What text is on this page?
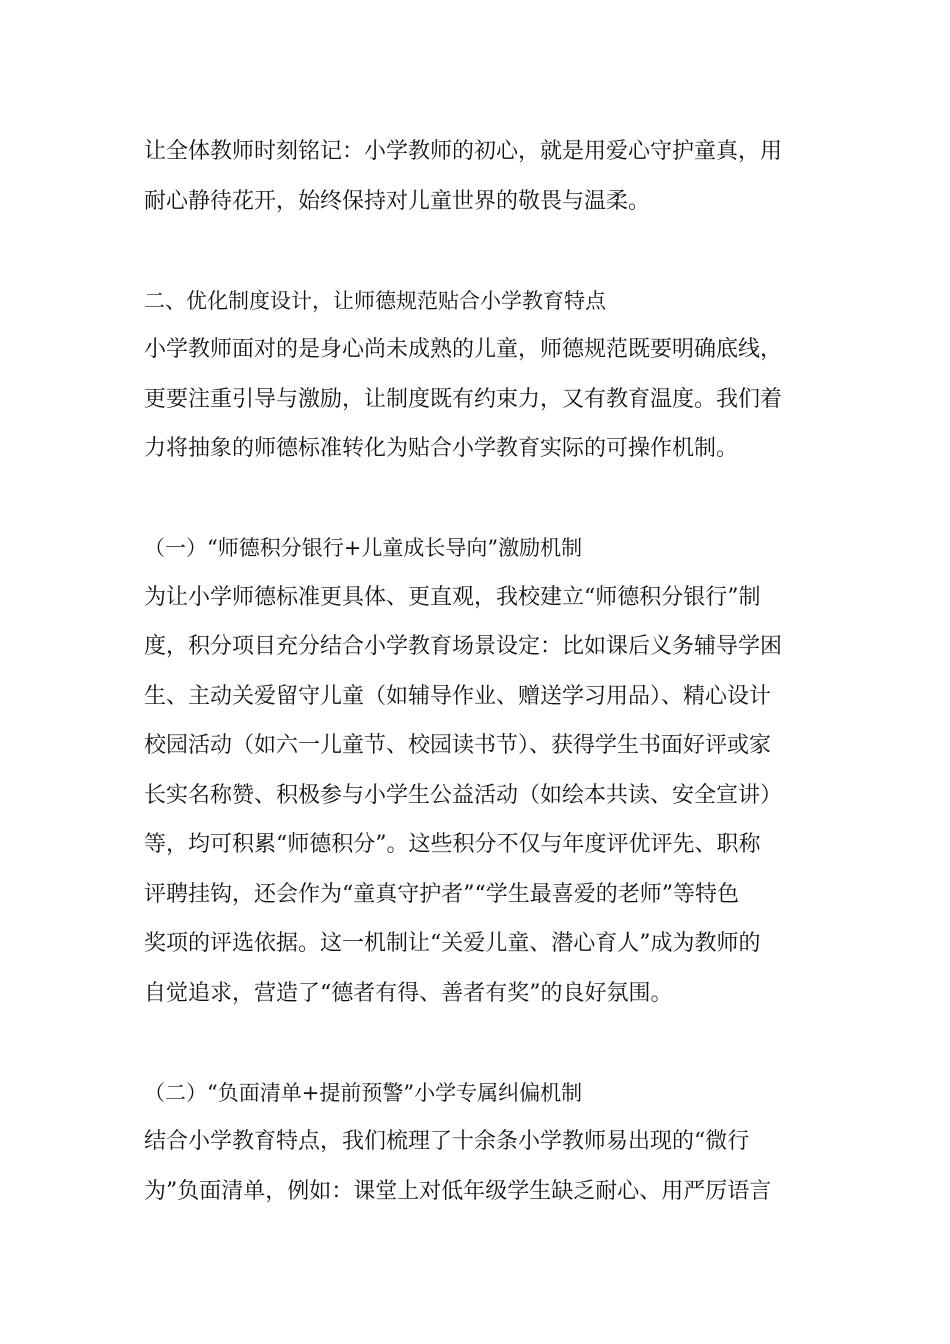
让全体教师时刻铭记：小学教师的初心，就是用爱心守护童真，用
耐心静待花开，始终保持对儿童世界的敬畏与温柔。
二、优化制度设计，让师德规范贴合小学教育特点
小学教师面对的是身心尚未成熟的儿童，师德规范既要明确底线，
更要注重引导与激励，让制度既有约束力，又有教育温度。我们着
力将抽象的师德标准转化为贴合小学教育实际的可操作机制。
（一）“师德积分银行+儿童成长导向”激励机制
为让小学师德标准更具体、更直观，我校建立“师德积分银行”制
度，积分项目充分结合小学教育场景设定：比如课后义务辅导学困
生、主动关爱留守儿童（如辅导作业、赠送学习用品）、精心设计
校园活动（如六一儿童节、校园读书节）、获得学生书面好评或家
长实名称赞、积极参与小学生公益活动（如绘本共读、安全宣讲）
等，均可积累“师德积分”。这些积分不仅与年度评优评先、职称
评聘挂钩，还会作为“童真守护者”“学生最喜爱的老师”等特色
奖项的评选依据。这一机制让“关爱儿童、潜心育人”成为教师的
自觉追求，营造了“德者有得、善者有奖”的良好氛围。
（二）“负面清单+提前预警”小学专属纠偏机制
结合小学教育特点，我们梳理了十余条小学教师易出现的“微行
为”负面清单，例如：课堂上对低年级学生缺乏耐心、用严厉语言
